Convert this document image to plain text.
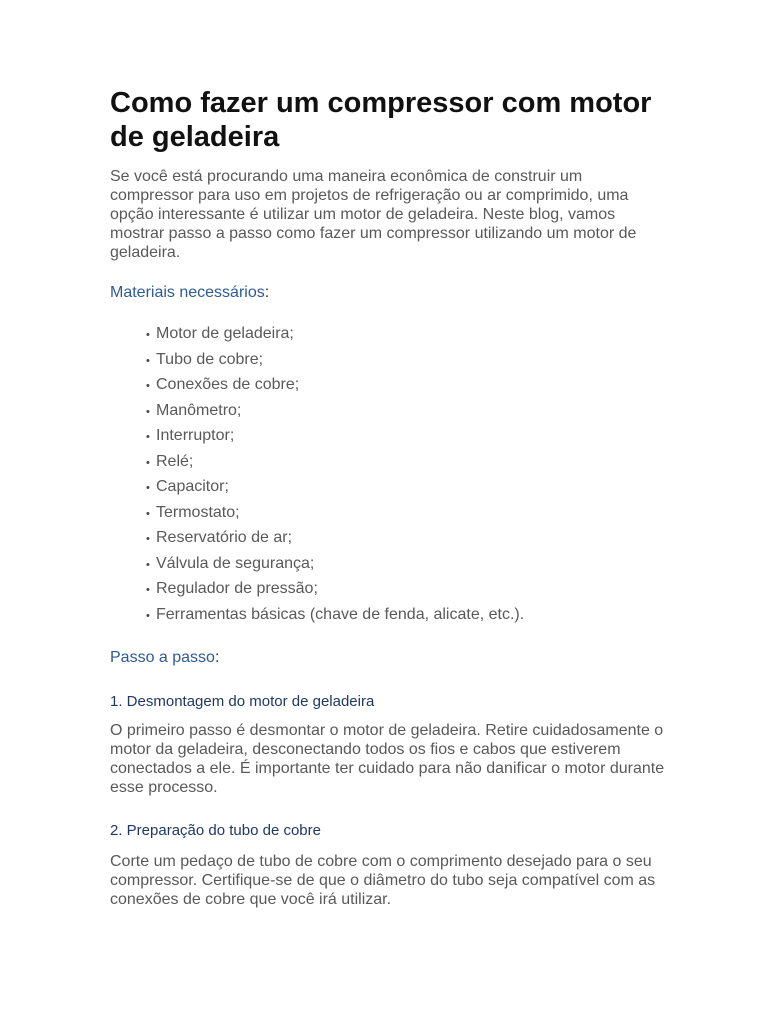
Como fazer um compressor com motor de geladeira

Se você está procurando uma maneira econômica de construir um compressor para uso em projetos de refrigeração ou ar comprimido, uma opção interessante é utilizar um motor de geladeira. Neste blog, vamos mostrar passo a passo como fazer um compressor utilizando um motor de geladeira.

Materiais necessários:

• Motor de geladeira;
• Tubo de cobre;
• Conexões de cobre;
• Manômetro;
• Interruptor;
• Relé;
• Capacitor;
• Termostato;
• Reservatório de ar;
• Válvula de segurança;
• Regulador de pressão;
• Ferramentas básicas (chave de fenda, alicate, etc.).

Passo a passo:

1. Desmontagem do motor de geladeira

O primeiro passo é desmontar o motor de geladeira. Retire cuidadosamente o motor da geladeira, desconectando todos os fios e cabos que estiverem conectados a ele. É importante ter cuidado para não danificar o motor durante esse processo.

2. Preparação do tubo de cobre

Corte um pedaço de tubo de cobre com o comprimento desejado para o seu compressor. Certifique-se de que o diâmetro do tubo seja compatível com as conexões de cobre que você irá utilizar.
